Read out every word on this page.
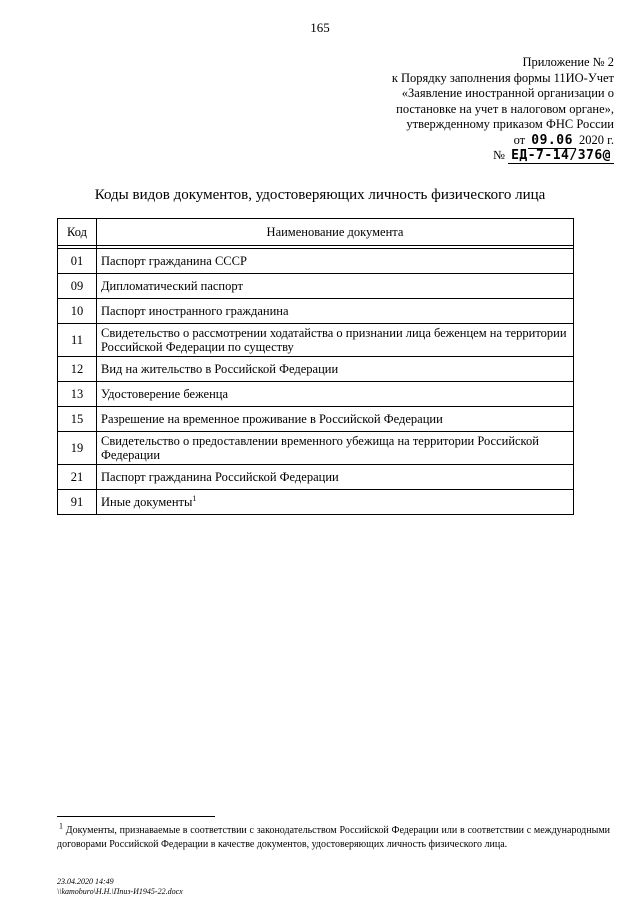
165
Приложение № 2
к Порядку заполнения формы 11ИО-Учет
«Заявление иностранной организации о
постановке на учет в налоговом органе»,
утвержденному приказом ФНС России
от 09.06 2020 г.
№ ЕД-7-14/376@
Коды видов документов, удостоверяющих личность физического лица
Код	Наименование документа

01	Паспорт гражданина СССР
09	Дипломатический паспорт
10	Паспорт иностранного гражданина
11	Свидетельство о рассмотрении ходатайства о признании лица беженцем на территории Российской Федерации по существу
12	Вид на жительство в Российской Федерации
13	Удостоверение беженца
15	Разрешение на временное проживание в Российской Федерации
19	Свидетельство о предоставлении временного убежища на территории Российской Федерации
21	Паспорт гражданина Российской Федерации
91	Иные документы$^1$
$^1$ Документы, признаваемые в соответствии с законодательством Российской Федерации или в соответствии с международными договорами Российской Федерации в качестве документов, удостоверяющих личность физического лица.
23.04.2020 14:49
\\kamoburo\Н.Н.\Ппиз-И1945-22.docx
